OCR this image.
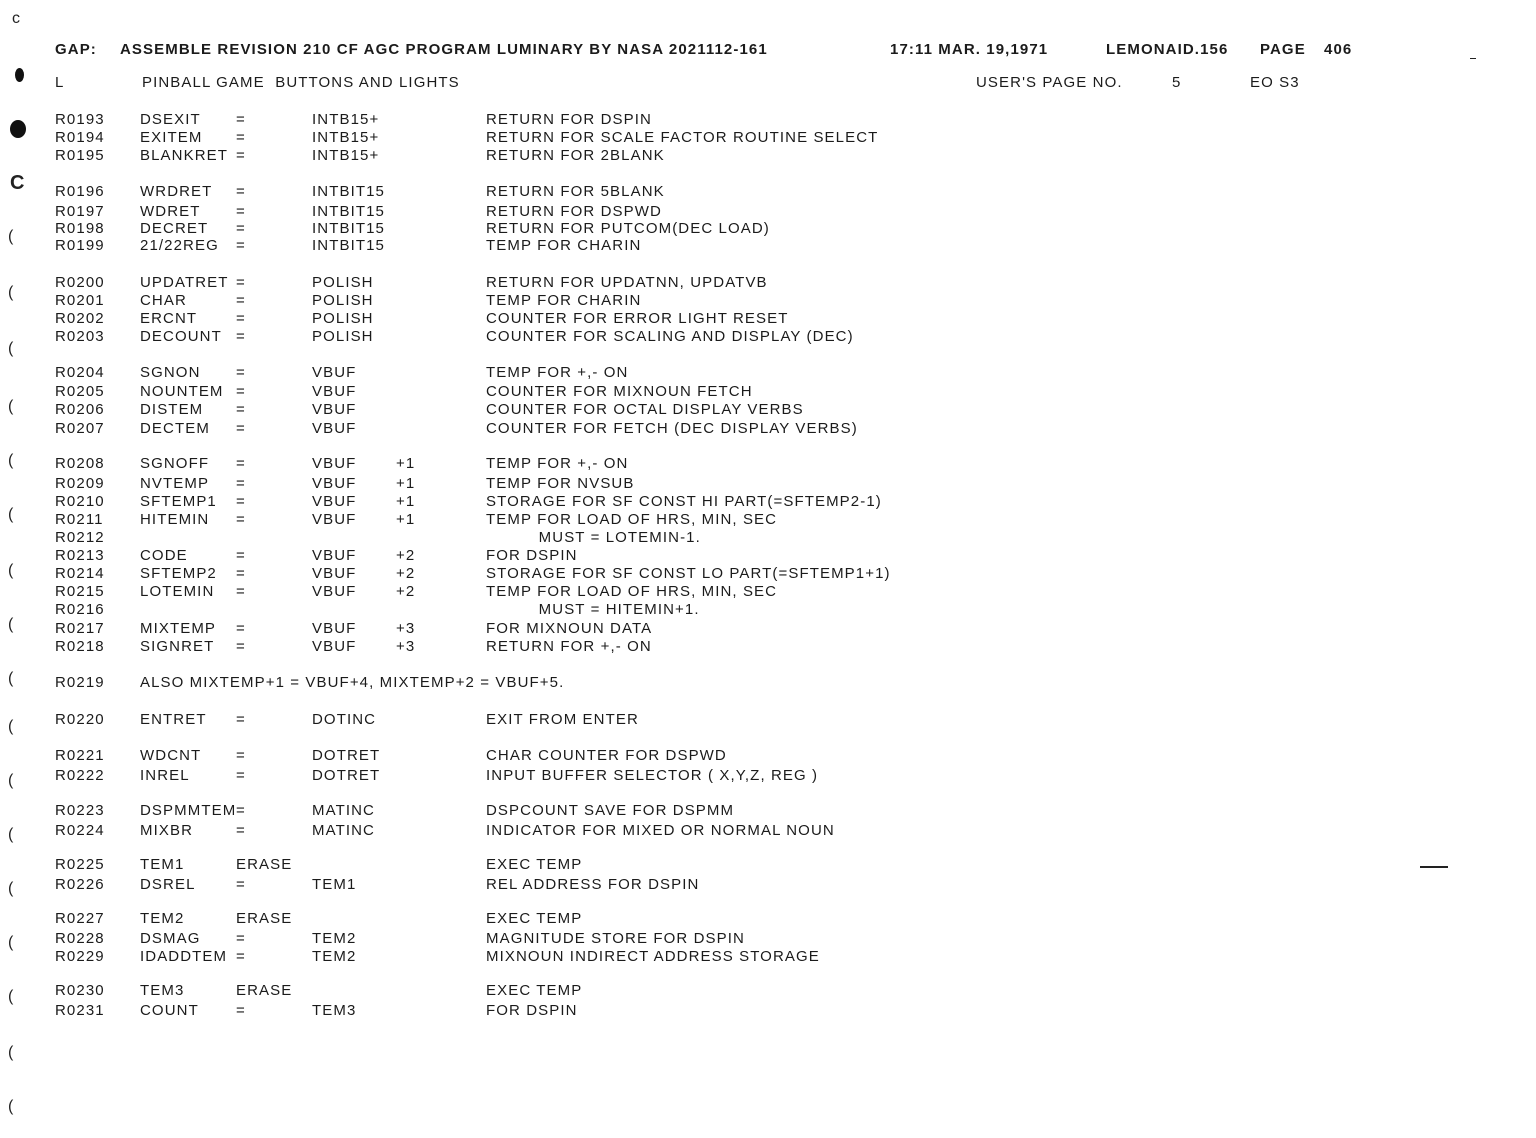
c
C
(
(
(
(
(
(
(
(
(
(
(
(
(
(
(
(
(
GAP: ASSEMBLE REVISION 210 CF AGC PROGRAM LUMINARY BY NASA 2021112-161	17:11 MAR. 19,1971	LEMONAID.156 PAGE 406
L	PINBALL GAME  BUTTONS AND LIGHTS	USER'S PAGE NO.	5	EO S3
R0193 DSEXIT =	INTB15+	RETURN FOR DSPIN
R0194 EXITEM =	INTB15+	RETURN FOR SCALE FACTOR ROUTINE SELECT
R0195 BLANKRET =	INTB15+	RETURN FOR 2BLANK
R0196 WRDRET =	INTBIT15	RETURN FOR 5BLANK
R0197 WDRET =	INTBIT15	RETURN FOR DSPWD
R0198 DECRET =	INTBIT15	RETURN FOR PUTCOM(DEC LOAD)
R0199 21/22REG =	INTBIT15	TEMP FOR CHARIN
R0200 UPDATRET =	POLISH	RETURN FOR UPDATNN, UPDATVB
R0201 CHAR	=	POLISH	TEMP FOR CHARIN
R0202 ERCNT	=	POLISH	COUNTER FOR ERROR LIGHT RESET
R0203 DECOUNT =	POLISH	COUNTER FOR SCALING AND DISPLAY (DEC)
R0204 SGNON =	VBUF	TEMP FOR +,- ON
R0205 NOUNTEM =	VBUF	COUNTER FOR MIXNOUN FETCH
R0206 DISTEM =	VBUF	COUNTER FOR OCTAL DISPLAY VERBS
R0207 DECTEM =	VBUF	COUNTER FOR FETCH (DEC DISPLAY VERBS)
R0208 SGNOFF =	VBUF	+1	TEMP FOR +,- ON
R0209 NVTEMP =	VBUF	+1	TEMP FOR NVSUB
R0210 SFTEMP1 =	VBUF	+1	STORAGE FOR SF CONST HI PART(=SFTEMP2-1)
R0211 HITEMIN =	VBUF	+1	TEMP FOR LOAD OF HRS, MIN, SEC
R0212	MUST = LOTEMIN-1.
R0213 CODE	=	VBUF	+2	FOR DSPIN
R0214 SFTEMP2 =	VBUF	+2	STORAGE FOR SF CONST LO PART(=SFTEMP1+1)
R0215 LOTEMIN =	VBUF	+2	TEMP FOR LOAD OF HRS, MIN, SEC
R0216	MUST = HITEMIN+1.
R0217 MIXTEMP =	VBUF	+3	FOR MIXNOUN DATA
R0218 SIGNRET =	VBUF	+3	RETURN FOR +,- ON
R0219 ALSO MIXTEMP+1 = VBUF+4, MIXTEMP+2 = VBUF+5.
R0220 ENTRET =	DOTINC	EXIT FROM ENTER
R0221 WDCNT =	DOTRET	CHAR COUNTER FOR DSPWD
R0222 INREL	=	DOTRET	INPUT BUFFER SELECTOR ( X,Y,Z, REG )
R0223 DSPMMTEM =	MATINC	DSPCOUNT SAVE FOR DSPMM
R0224 MIXBR	=	MATINC	INDICATOR FOR MIXED OR NORMAL NOUN
R0225 TEM1	ERASE	EXEC TEMP
R0226 DSREL	=	TEM1	REL ADDRESS FOR DSPIN
R0227 TEM2	ERASE	EXEC TEMP
R0228 DSMAG =	TEM2	MAGNITUDE STORE FOR DSPIN
R0229 IDADDTEM =	TEM2	MIXNOUN INDIRECT ADDRESS STORAGE
R0230 TEM3	ERASE	EXEC TEMP
R0231 COUNT =	TEM3	FOR DSPIN
